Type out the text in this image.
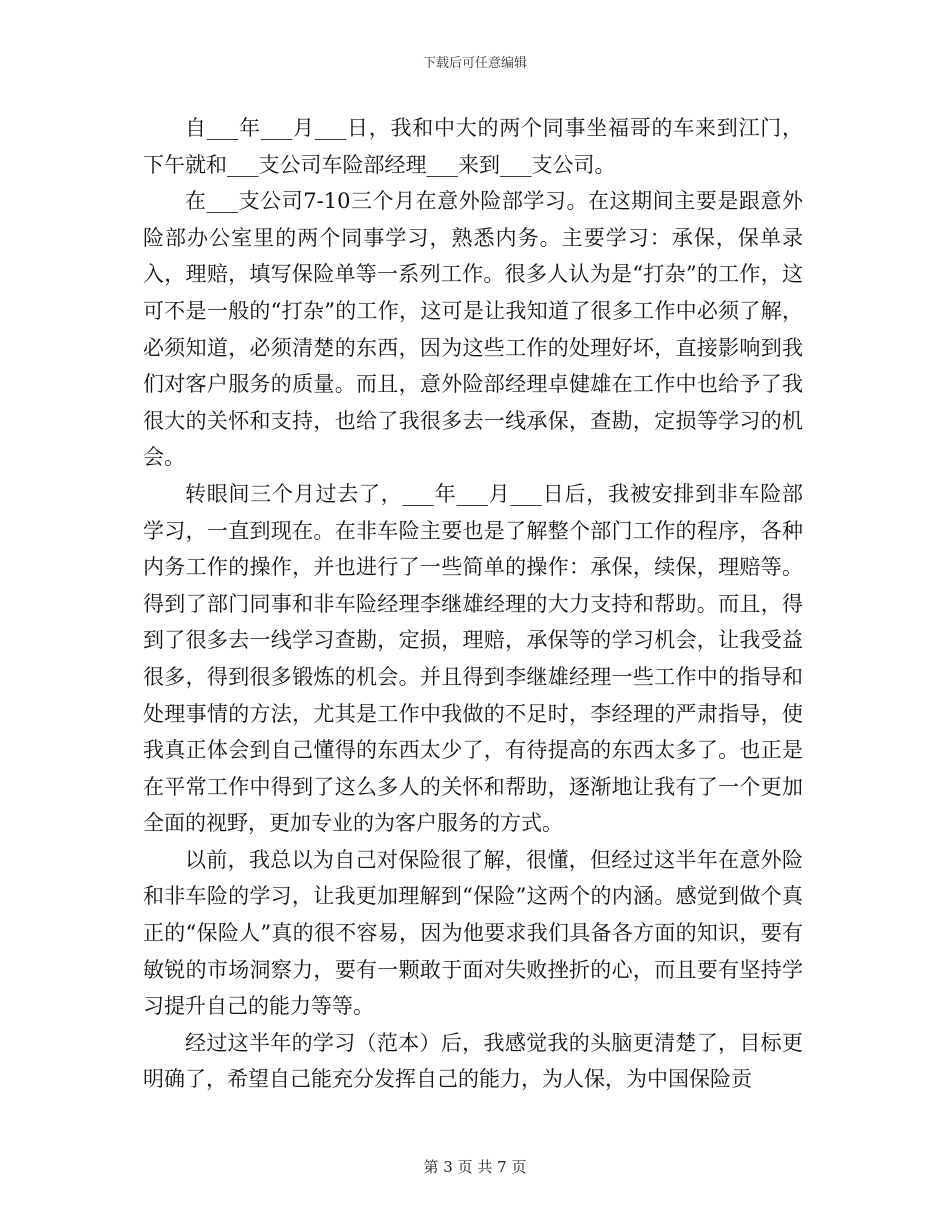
下载后可任意编辑

自___年___月___日，我和中大的两个同事坐福哥的车来到江门，下午就和___支公司车险部经理___来到___支公司。

在___支公司7-10三个月在意外险部学习。在这期间主要是跟意外险部办公室里的两个同事学习，熟悉内务。主要学习：承保，保单录入，理赔，填写保险单等一系列工作。很多人认为是“打杂”的工作，这可不是一般的“打杂”的工作，这可是让我知道了很多工作中必须了解，必须知道，必须清楚的东西，因为这些工作的处理好坏，直接影响到我们对客户服务的质量。而且，意外险部经理卓健雄在工作中也给予了我很大的关怀和支持，也给了我很多去一线承保，查勘，定损等学习的机会。

转眼间三个月过去了，___年___月___日后，我被安排到非车险部学习，一直到现在。在非车险主要也是了解整个部门工作的程序，各种内务工作的操作，并也进行了一些简单的操作：承保，续保，理赔等。得到了部门同事和非车险经理李继雄经理的大力支持和帮助。而且，得到了很多去一线学习查勘，定损，理赔，承保等的学习机会，让我受益很多，得到很多锻炼的机会。并且得到李继雄经理一些工作中的指导和处理事情的方法，尤其是工作中我做的不足时，李经理的严肃指导，使我真正体会到自己懂得的东西太少了，有待提高的东西太多了。也正是在平常工作中得到了这么多人的关怀和帮助，逐渐地让我有了一个更加全面的视野，更加专业的为客户服务的方式。

以前，我总以为自己对保险很了解，很懂，但经过这半年在意外险和非车险的学习，让我更加理解到“保险”这两个的内涵。感觉到做个真正的“保险人”真的很不容易，因为他要求我们具备各方面的知识，要有敏锐的市场洞察力，要有一颗敢于面对失败挫折的心，而且要有坚持学习提升自己的能力等等。

经过这半年的学习（范本）后，我感觉我的头脑更清楚了，目标更明确了，希望自己能充分发挥自己的能力，为人保，为中国保险贡

第 3 页 共 7 页
